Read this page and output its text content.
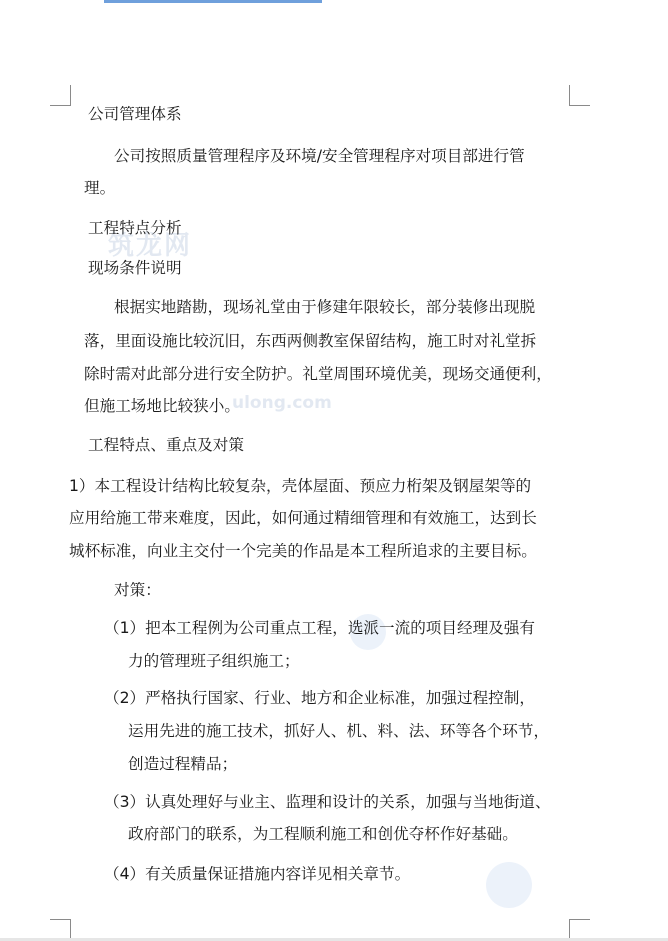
筑龙网
ulong.com
公司管理体系
公司按照质量管理程序及环境/安全管理程序对项目部进行管
理。
工程特点分析
现场条件说明
根据实地踏勘，现场礼堂由于修建年限较长，部分装修出现脱
落，里面设施比较沉旧，东西两侧教室保留结构，施工时对礼堂拆
除时需对此部分进行安全防护。礼堂周围环境优美，现场交通便利，
但施工场地比较狭小。
工程特点、重点及对策
1）本工程设计结构比较复杂，壳体屋面、预应力桁架及钢屋架等的
应用给施工带来难度，因此，如何通过精细管理和有效施工，达到长
城杯标准，向业主交付一个完美的作品是本工程所追求的主要目标。
对策：
（1）把本工程例为公司重点工程，选派一流的项目经理及强有
力的管理班子组织施工；
（2）严格执行国家、行业、地方和企业标准，加强过程控制，
运用先进的施工技术，抓好人、机、料、法、环等各个环节，
创造过程精品；
（3）认真处理好与业主、监理和设计的关系，加强与当地街道、
政府部门的联系，为工程顺利施工和创优夺杯作好基础。
（4）有关质量保证措施内容详见相关章节。
